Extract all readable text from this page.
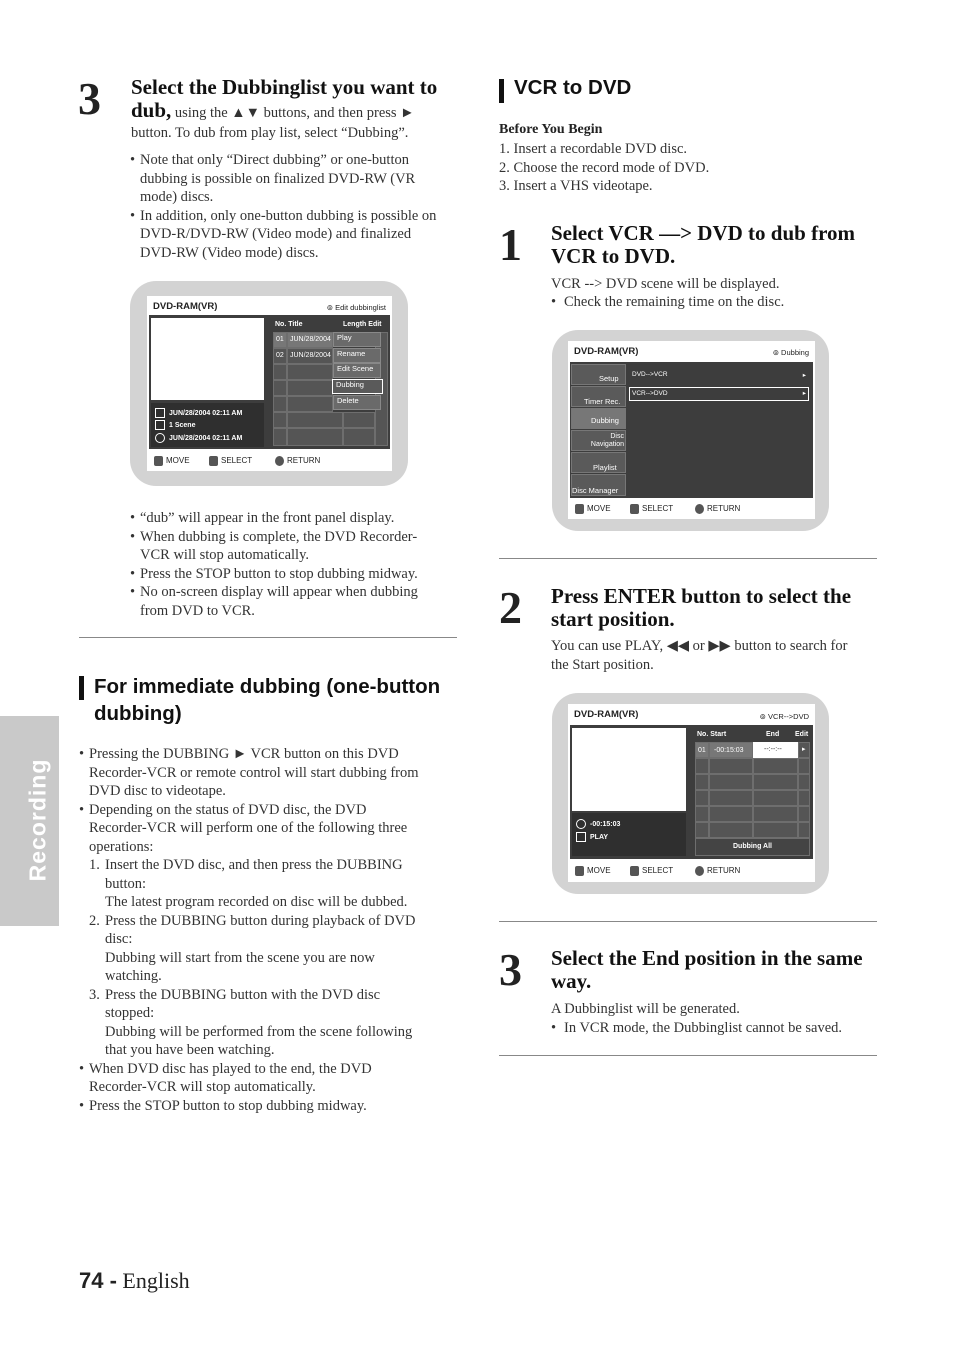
Recording
3 Select the Dubbinglist you want to
dub, using the ▲▼ buttons, and then press ►
button. To dub from play list, select “Dubbing”.
• Note that only “Direct dubbing” or one-button
dubbing is possible on finalized DVD-RW (VR
mode) discs.
• In addition, only one-button dubbing is possible on
DVD-R/DVD-RW (Video mode) and finalized
DVD-RW (Video mode) discs.
DVD-RAM(VR)	⊚ Edit dubbinglist
JUN/28/2004 02:11 AM
1 Scene
JUN/28/2004 02:11 AM
No. Title	Length Edit
01 JUN/28/2004
02 JUN/28/2004
Play
Rename
Edit Scene
Dubbing
Delete
MOVE	SELECT	RETURN
• “dub” will appear in the front panel display.
• When dubbing is complete, the DVD Recorder-
VCR will stop automatically.
• Press the STOP button to stop dubbing midway.
• No on-screen display will appear when dubbing
from DVD to VCR.
For immediate dubbing (one-button
dubbing)
• Pressing the DUBBING ► VCR button on this DVD
Recorder-VCR or remote control will start dubbing from
DVD disc to videotape.
• Depending on the status of DVD disc, the DVD
Recorder-VCR will perform one of the following three
operations:
1. Insert the DVD disc, and then press the DUBBING
button:
The latest program recorded on disc will be dubbed.
2. Press the DUBBING button during playback of DVD
disc:
Dubbing will start from the scene you are now
watching.
3. Press the DUBBING button with the DVD disc
stopped:
Dubbing will be performed from the scene following
that you have been watching.
• When DVD disc has played to the end, the DVD
Recorder-VCR will stop automatically.
• Press the STOP button to stop dubbing midway.
74 - English
VCR to DVD
Before You Begin
1. Insert a recordable DVD disc.
2. Choose the record mode of DVD.
3. Insert a VHS videotape.
1 Select VCR —> DVD to dub from
VCR to DVD.
VCR --> DVD scene will be displayed.
• Check the remaining time on the disc.
DVD-RAM(VR)	⊚ Dubbing
Setup
Timer Rec.
Dubbing
Disc Navigation
Playlist
Disc Manager
DVD-->VCR	▸
VCR-->DVD	▸
MOVE	SELECT	RETURN
2 Press ENTER button to select the
start position.
You can use PLAY, ◀◀ or ▶▶ button to search for
the Start position.
DVD-RAM(VR)	⊚ VCR-->DVD
-00:15:03
PLAY
No. Start	End Edit
01	-00:15:03	--:--:--	▸
Dubbing All
MOVE	SELECT	RETURN
3 Select the End position in the same
way.
A Dubbinglist will be generated.
• In VCR mode, the Dubbinglist cannot be saved.
